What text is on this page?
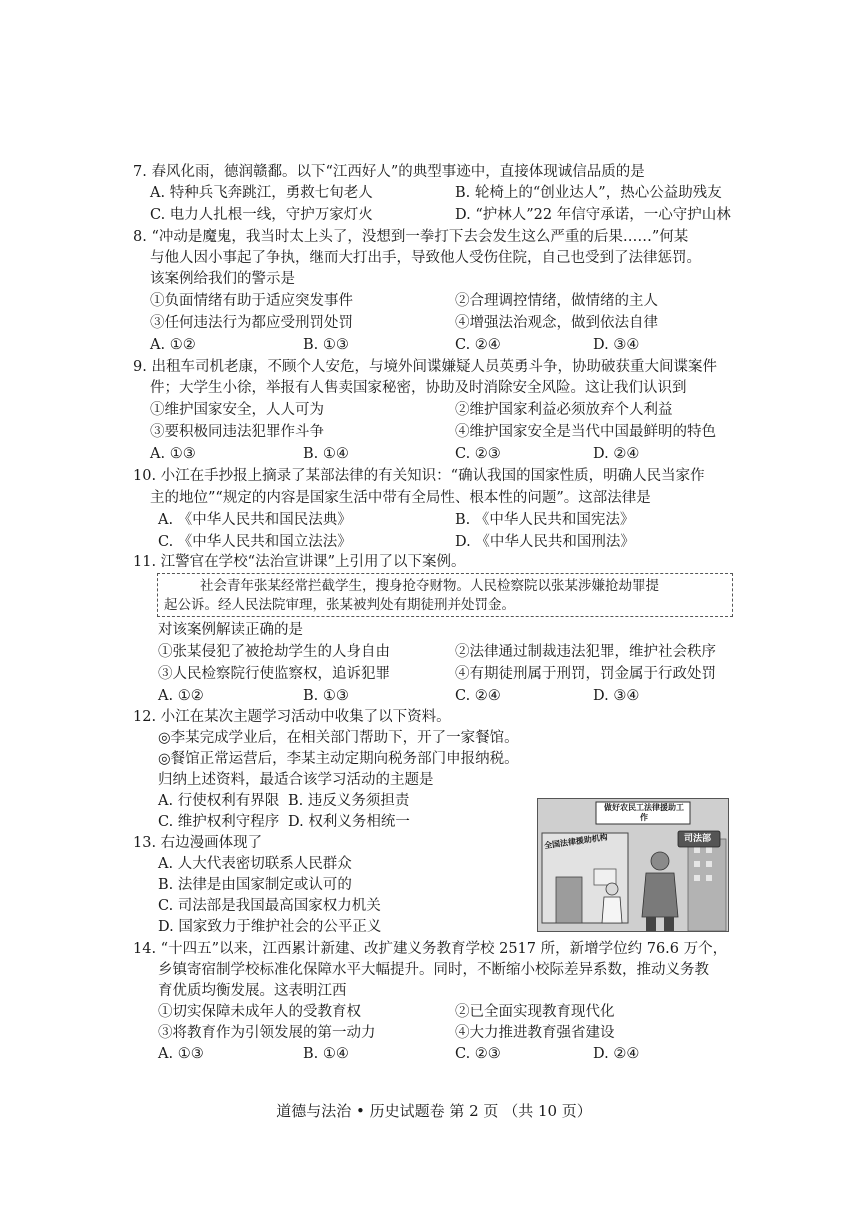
7. 春风化雨，德润赣鄱。以下“江西好人”的典型事迹中，直接体现诚信品质的是
A. 特种兵飞奔跳江，勇救七旬老人	B. 轮椅上的“创业达人”，热心公益助残友
C. 电力人扎根一线，守护万家灯火	D. “护林人”22 年信守承诺，一心守护山林
8. “冲动是魔鬼，我当时太上头了，没想到一拳打下去会发生这么严重的后果……”何某
与他人因小事起了争执，继而大打出手，导致他人受伤住院，自己也受到了法律惩罚。
该案例给我们的警示是
①负面情绪有助于适应突发事件	②合理调控情绪，做情绪的主人
③任何违法行为都应受刑罚处罚	④增强法治观念，做到依法自律
A. ①②	B. ①③	C. ②④	D. ③④
9. 出租车司机老康，不顾个人安危，与境外间谍嫌疑人员英勇斗争，协助破获重大间谍案件
件；大学生小徐，举报有人售卖国家秘密，协助及时消除安全风险。这让我们认识到
①维护国家安全，人人可为	②维护国家利益必须放弃个人利益
③要积极同违法犯罪作斗争	④维护国家安全是当代中国最鲜明的特色
A. ①③	B. ①④	C. ②③	D. ②④
10. 小江在手抄报上摘录了某部法律的有关知识：“确认我国的国家性质，明确人民当家作
主的地位”“规定的内容是国家生活中带有全局性、根本性的问题”。这部法律是
A. 《中华人民共和国民法典》	B. 《中华人民共和国宪法》
C. 《中华人民共和国立法法》	D. 《中华人民共和国刑法》
11. 江警官在学校“法治宣讲课”上引用了以下案例。
社会青年张某经常拦截学生，搜身抢夺财物。人民检察院以张某涉嫌抢劫罪提
起公诉。经人民法院审理，张某被判处有期徒刑并处罚金。
对该案例解读正确的是
①张某侵犯了被抢劫学生的人身自由	②法律通过制裁违法犯罪，维护社会秩序
③人民检察院行使监察权，追诉犯罪	④有期徒刑属于刑罚，罚金属于行政处罚
A. ①②	B. ①③	C. ②④	D. ③④
12. 小江在某次主题学习活动中收集了以下资料。
◎李某完成学业后，在相关部门帮助下，开了一家餐馆。
◎餐馆正常运营后，李某主动定期向税务部门申报纳税。
归纳上述资料，最适合该学习活动的主题是
A. 行使权利有界限 B. 违反义务须担责
C. 维护权利守程序 D. 权利义务相统一
13. 右边漫画体现了
A. 人大代表密切联系人民群众
B. 法律是由国家制定或认可的
C. 司法部是我国最高国家权力机关
D. 国家致力于维护社会的公平正义
做好农民工法律援助工作
全国法律援助机构	司法部
14. “十四五”以来，江西累计新建、改扩建义务教育学校 2517 所，新增学位约 76.6 万个，
乡镇寄宿制学校标准化保障水平大幅提升。同时，不断缩小校际差异系数，推动义务教
育优质均衡发展。这表明江西
①切实保障未成年人的受教育权	②已全面实现教育现代化
③将教育作为引领发展的第一动力	④大力推进教育强省建设
A. ①③	B. ①④	C. ②③	D. ②④
道德与法治 • 历史试题卷 第 2 页 （共 10 页）
